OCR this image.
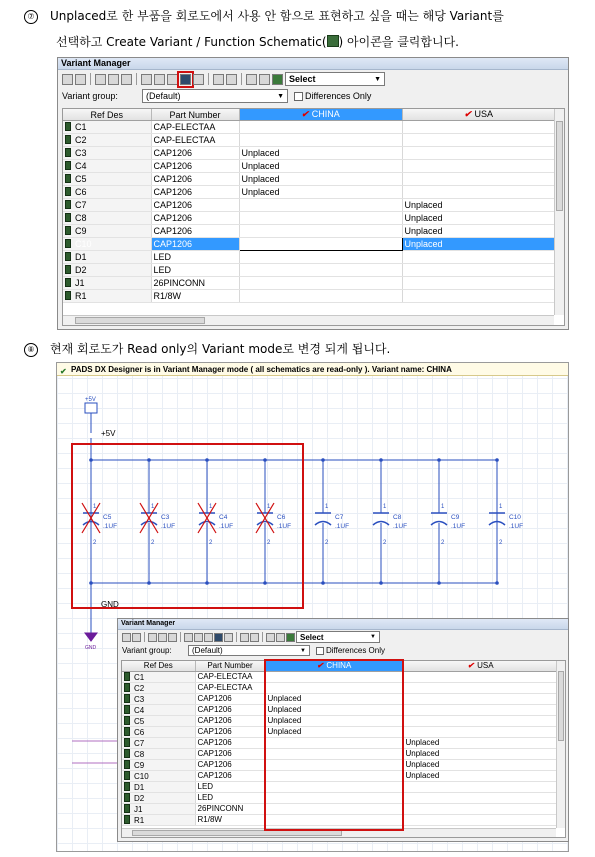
⑦ Unplaced로 한 부품을 회로도에서 사용 안 함으로 표현하고 싶을 때는 해당 Variant를
선택하고 Create Variant / Function Schematic( ) 아이콘을 클릭합니다.
Variant Manager
Select	▼
Variant group:	(Default)	▼ Differences Only
Ref Des	Part Number	✔ CHINA	✔ USA
C1	CAP-ELECTAA		
C2	CAP-ELECTAA		
C3	CAP1206	Unplaced	
C4	CAP1206	Unplaced	
C5	CAP1206	Unplaced	
C6	CAP1206	Unplaced	
C7	CAP1206		Unplaced
C8	CAP1206		Unplaced
C9	CAP1206		Unplaced
C10	CAP1206		Unplaced
D1	LED		
D2	LED		
J1	26PINCONN		
R1	R1/8W		
⑧ 현재 회로도가 Read only의 Variant mode로 변경 되게 됩니다.
✔ PADS DX Designer is in Variant Manager mode ( all schematics are read-only ). Variant name: CHINA
+5V
+5V
GND
GND
C5
.1UF
1
2
C3
.1UF
1
2
C4
.1UF
1
2
C6
.1UF
1
2
C7
.1UF
1
2
C8
.1UF
1
2
C9
.1UF
1
2
C10
.1UF
1
2
Variant Manager
Select	▼
Variant group:	(Default)	▼	Differences Only
Ref Des	Part Number	✔ CHINA	✔ USA
C1	CAP-ELECTAA		
C2	CAP-ELECTAA		
C3	CAP1206	Unplaced	
C4	CAP1206	Unplaced	
C5	CAP1206	Unplaced	
C6	CAP1206	Unplaced	
C7	CAP1206		Unplaced
C8	CAP1206		Unplaced
C9	CAP1206		Unplaced
C10	CAP1206		Unplaced
D1	LED		
D2	LED		
J1	26PINCONN		
R1	R1/8W		
